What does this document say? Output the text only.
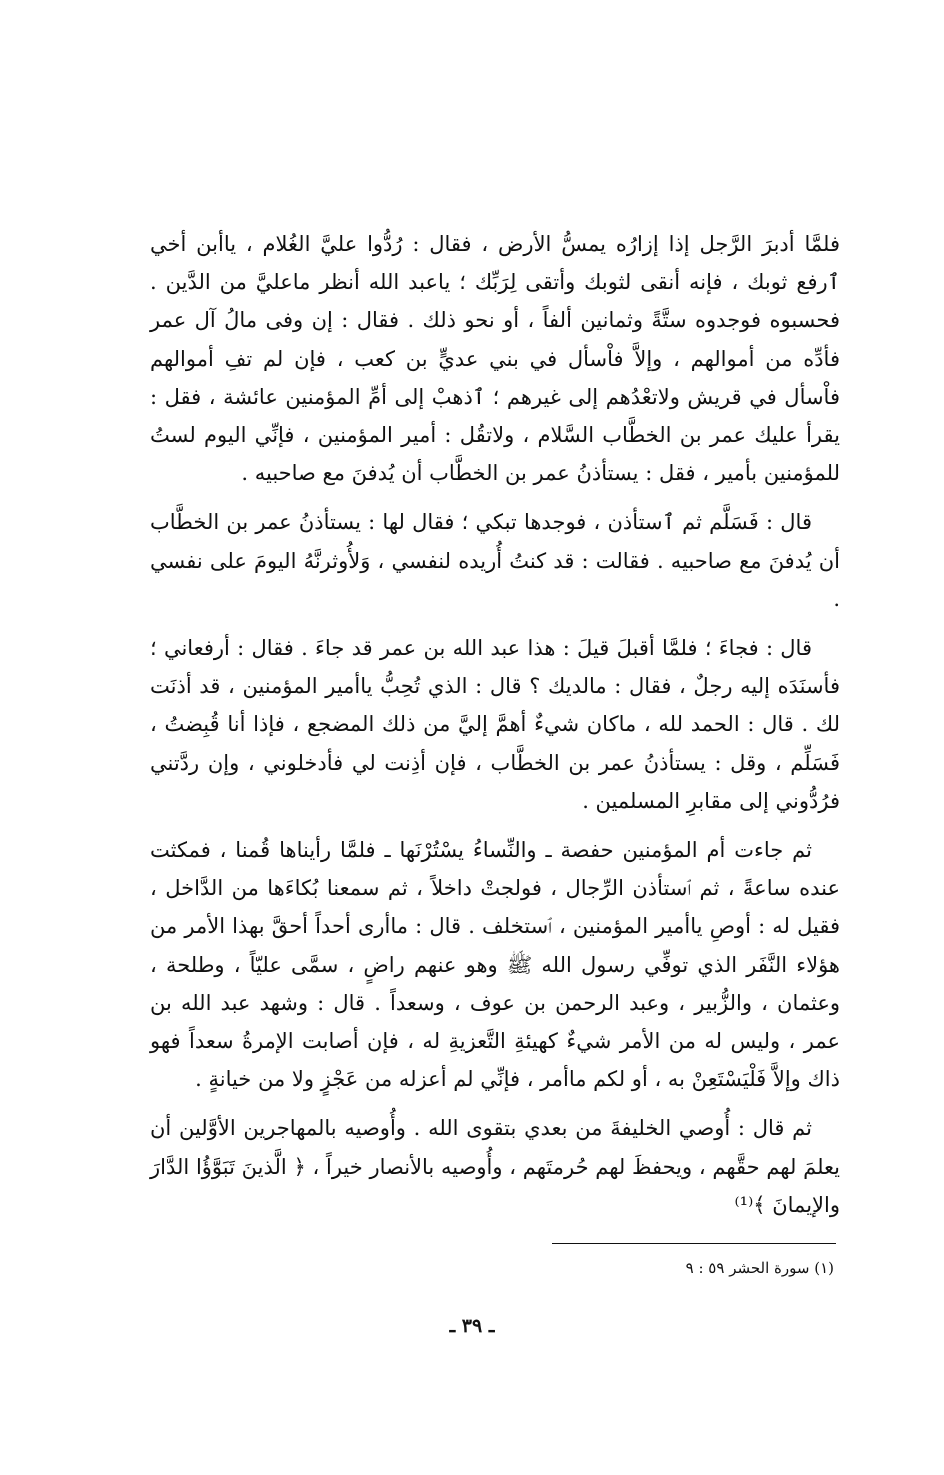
فلمَّا أدبرَ الرَّجل إذا إزارُه يمسُّ الأرض ، فقال : رُدُّوا عليَّ الغُلام ، ياأبن أخي ٱرفع ثوبك ، فإنه أنقى لثوبك وأتقى لِرَبِّك ؛ ياعبد الله أنظر ماعليَّ من الدَّين . فحسبوه فوجدوه ستَّةً وثمانين ألفاً ، أو نحو ذلك . فقال : إن وفى مالُ آل عمر فأدِّه من أموالهم ، وإلاَّ فاْسأل في بني عديٍّ بن كعب ، فإن لم تفِ أموالهم فاْسأل في قريش ولاتعْدُهم إلى غيرهم ؛ ٱذهبْ إلى أمِّ المؤمنين عائشة ، فقل : يقرأ عليك عمر بن الخطَّاب السَّلام ، ولاتقُل : أمير المؤمنين ، فإنِّي اليوم لستُ للمؤمنين بأمير ، فقل : يستأذنُ عمر بن الخطَّاب أن يُدفنَ مع صاحبيه .

قال : فَسَلَّم ثم ٱستأذن ، فوجدها تبكي ؛ فقال لها : يستأذنُ عمر بن الخطَّاب أن يُدفنَ مع صاحبيه . فقالت : قد كنتُ أُريده لنفسي ، وَلأُوثرنَّهُ اليومَ على نفسي .

قال : فجاءَ ؛ فلمَّا أقبلَ قيلَ : هذا عبد الله بن عمر قد جاءَ . فقال : أرفعاني ؛ فأسنَدَه إليه رجلٌ ، فقال : مالديك ؟ قال : الذي تُحِبُّ ياأمير المؤمنين ، قد أذنَت لك . قال : الحمد لله ، ماكان شيءٌ أهمَّ إليَّ من ذلك المضجع ، فإذا أنا قُبِضتُ ، فَسَلِّم ، وقل : يستأذنُ عمر بن الخطَّاب ، فإن أذِنت لي فأدخلوني ، وإن ردَّتني فرُدُّوني إلى مقابرِ المسلمين .

ثم جاءت أم المؤمنين حفصة ـ والنِّساءُ يسْتُرْنَها ـ فلمَّا رأيناها قُمنا ، فمكثت عنده ساعةً ، ثم ٱستأذن الرِّجال ، فولجتْ داخلاً ، ثم سمعنا بُكاءَها من الدَّاخل ، فقيل له : أوصِ ياأمير المؤمنين ، ٱستخلف . قال : ماأرى أحداً أحقَّ بهذا الأمر من هؤلاء النَّفَر الذي توفِّي رسول الله ﷺ وهو عنهم راضٍ ، سمَّى عليّاً ، وطلحة ، وعثمان ، والزُّبير ، وعبد الرحمن بن عوف ، وسعداً . قال : وشهد عبد الله بن عمر ، وليس له من الأمر شيءٌ كهيئةِ التَّعزيةِ له ، فإن أصابت الإمرةُ سعداً فهو ذاك وإلاَّ فَلْيَسْتَعِنْ به ، أو لكم ماأمر ، فإنِّي لم أعزله من عَجْزٍ ولا من خيانةٍ .

ثم قال : أُوصي الخليفةَ من بعدي بتقوى الله . وأُوصيه بالمهاجرين الأوَّلين أن يعلمَ لهم حقَّهم ، ويحفظَ لهم حُرمتَهم ، وأُوصيه بالأنصار خيراً ، ﴿ الَّذينَ تَبَوَّؤُا الدَّارَ والإيمانَ ﴾⁽¹⁾

(١) سورة الحشر ٥٩ : ٩
ـ ٣٩ ـ
